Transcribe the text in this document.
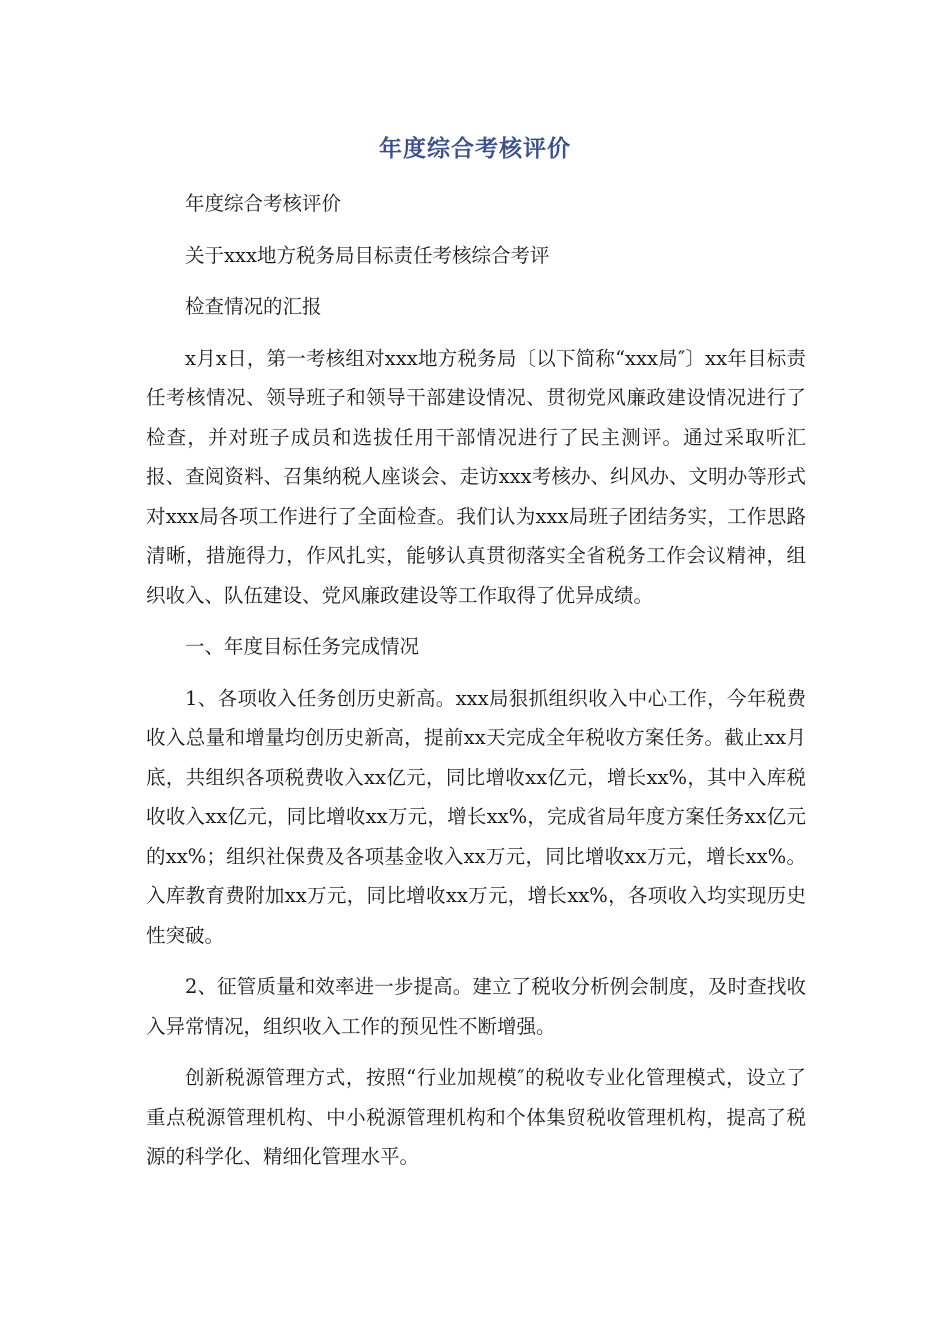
年度综合考核评价

年度综合考核评价

关于xxx地方税务局目标责任考核综合考评

检查情况的汇报

x月x日，第一考核组对xxx地方税务局〔以下简称“xxx局″〕xx年目标责任考核情况、领导班子和领导干部建设情况、贯彻党风廉政建设情况进行了检查，并对班子成员和选拔任用干部情况进行了民主测评。通过采取听汇报、查阅资料、召集纳税人座谈会、走访xxx考核办、纠风办、文明办等形式对xxx局各项工作进行了全面检查。我们认为xxx局班子团结务实，工作思路清晰，措施得力，作风扎实，能够认真贯彻落实全省税务工作会议精神，组织收入、队伍建设、党风廉政建设等工作取得了优异成绩。

一、年度目标任务完成情况

1、各项收入任务创历史新高。xxx局狠抓组织收入中心工作，今年税费收入总量和增量均创历史新高，提前xx天完成全年税收方案任务。截止xx月底，共组织各项税费收入xx亿元，同比增收xx亿元，增长xx%，其中入库税收收入xx亿元，同比增收xx万元，增长xx%，完成省局年度方案任务xx亿元的xx%；组织社保费及各项基金收入xx万元，同比增收xx万元，增长xx%。入库教育费附加xx万元，同比增收xx万元，增长xx%，各项收入均实现历史性突破。

2、征管质量和效率进一步提高。建立了税收分析例会制度，及时查找收入异常情况，组织收入工作的预见性不断增强。

创新税源管理方式，按照“行业加规模″的税收专业化管理模式，设立了重点税源管理机构、中小税源管理机构和个体集贸税收管理机构，提高了税源的科学化、精细化管理水平。
